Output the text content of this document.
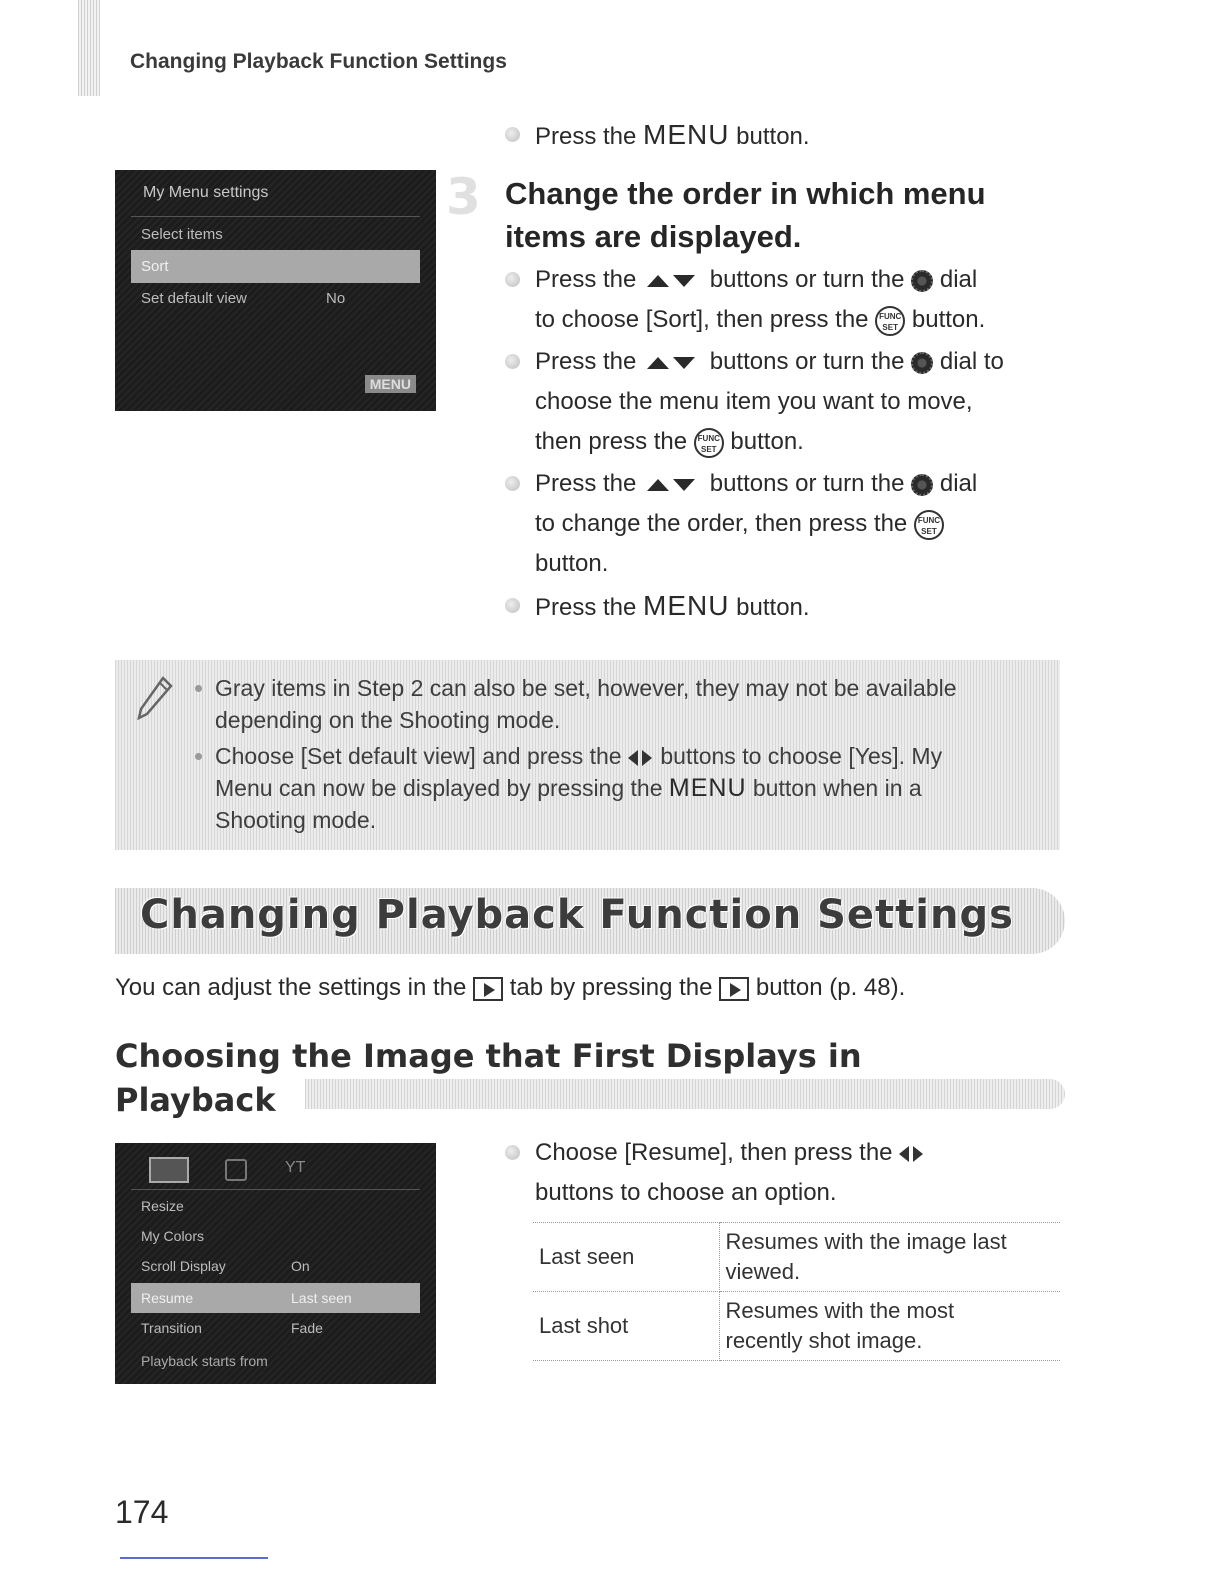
Changing Playback Function Settings
Press the MENU button.
My Menu settings
Select items
Sort
Set default view	No
MENU
3 Change the order in which menu items are displayed.
Press the	buttons or turn the  dial
to choose [Sort], then press the FUNC
SET button.
Press the	buttons or turn the  dial to
choose the menu item you want to move,
then press the FUNC
SET button.
Press the	buttons or turn the  dial
to change the order, then press the FUNC
SET
button.
Press the MENU button.
Gray items in Step 2 can also be set, however, they may not be available
depending on the Shooting mode.
Choose [Set default view] and press the  buttons to choose [Yes]. My
Menu can now be displayed by pressing the MENU button when in a
Shooting mode.
Changing Playback Function Settings
You can adjust the settings in the  tab by pressing the  button (p. 48).
Choosing the Image that First Displays in
Playback
YT
Resize
My Colors
Scroll Display	On
Resume	Last seen
Transition	Fade
Playback starts from
Choose [Resume], then press the
buttons to choose an option.
Last seen	Resumes with the image last
viewed.

Last shot	Resumes with the most
recently shot image.
174
